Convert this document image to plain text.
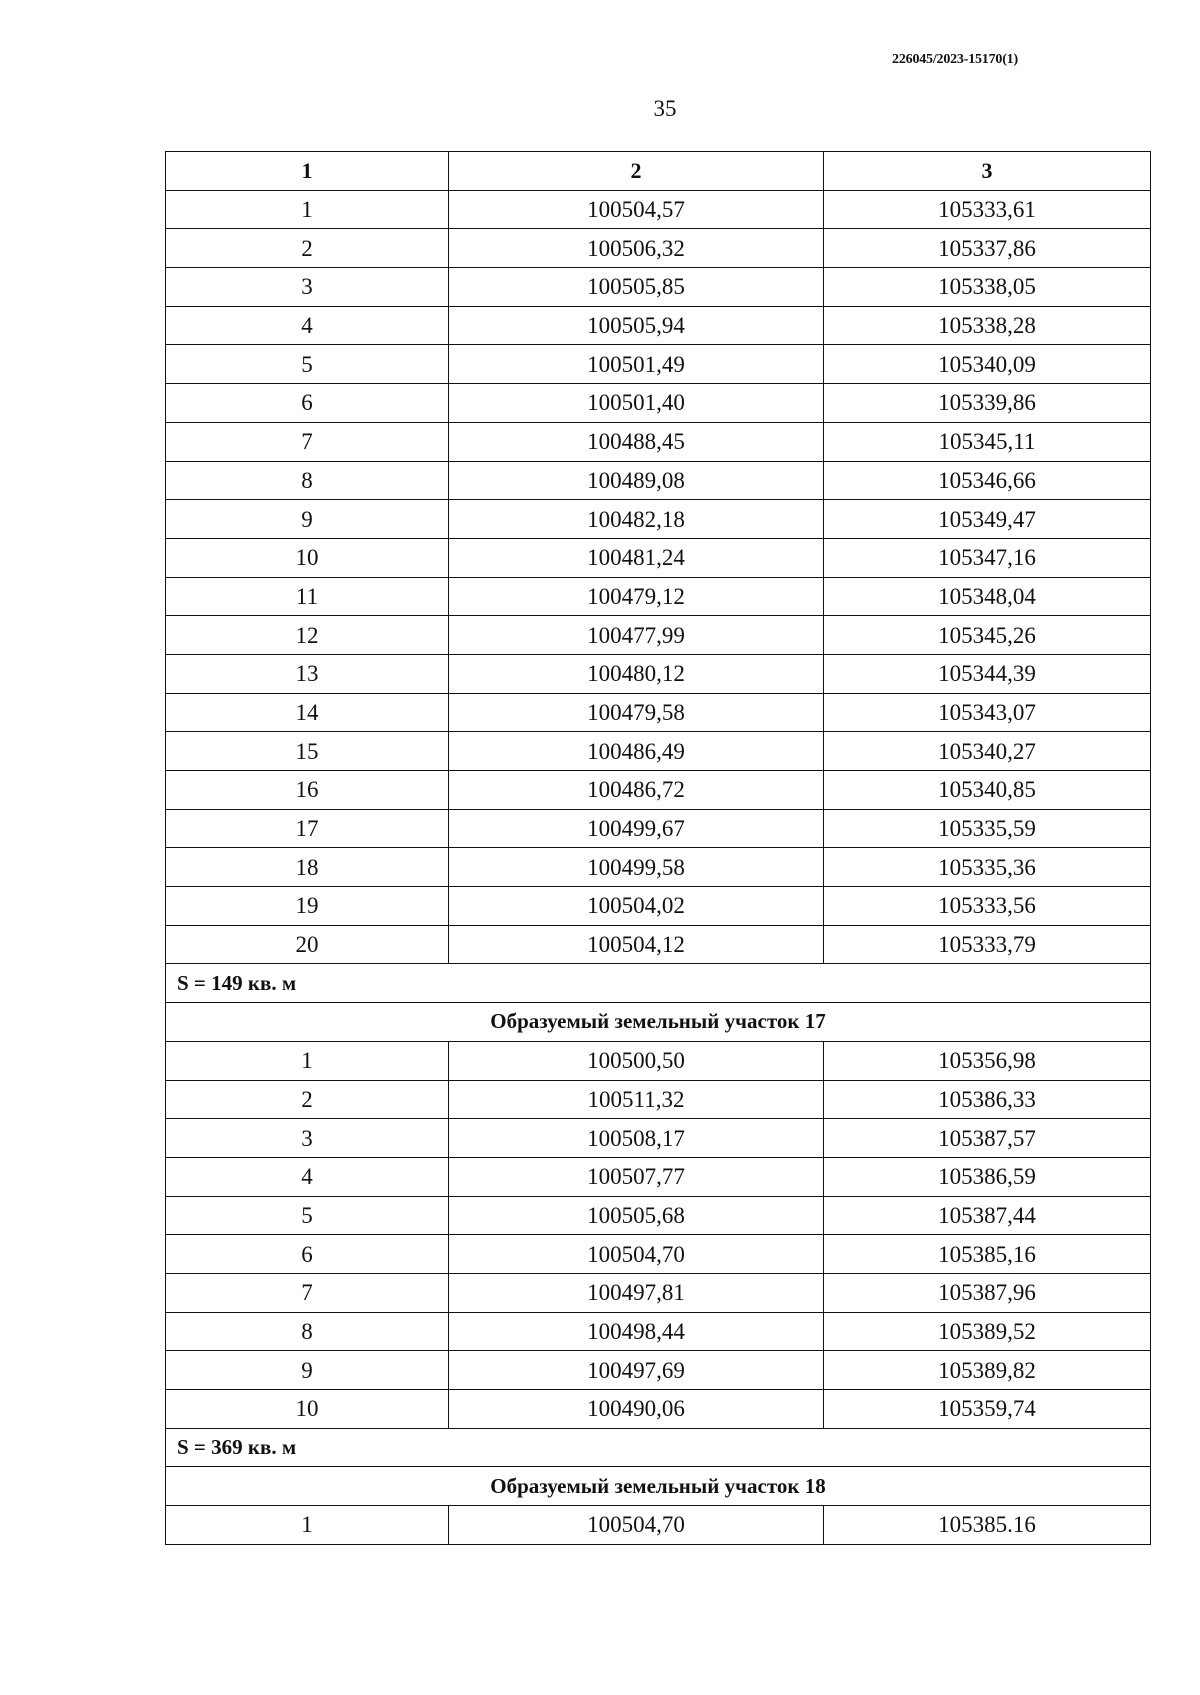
226045/2023-15170(1)
35
1	2	3
1	100504,57	105333,61
2	100506,32	105337,86
3	100505,85	105338,05
4	100505,94	105338,28
5	100501,49	105340,09
6	100501,40	105339,86
7	100488,45	105345,11
8	100489,08	105346,66
9	100482,18	105349,47
10	100481,24	105347,16
11	100479,12	105348,04
12	100477,99	105345,26
13	100480,12	105344,39
14	100479,58	105343,07
15	100486,49	105340,27
16	100486,72	105340,85
17	100499,67	105335,59
18	100499,58	105335,36
19	100504,02	105333,56
20	100504,12	105333,79
S = 149 кв. м		
Образуемый земельный участок 17		
1	100500,50	105356,98
2	100511,32	105386,33
3	100508,17	105387,57
4	100507,77	105386,59
5	100505,68	105387,44
6	100504,70	105385,16
7	100497,81	105387,96
8	100498,44	105389,52
9	100497,69	105389,82
10	100490,06	105359,74
S = 369 кв. м		
Образуемый земельный участок 18		
1	100504,70	105385.16
